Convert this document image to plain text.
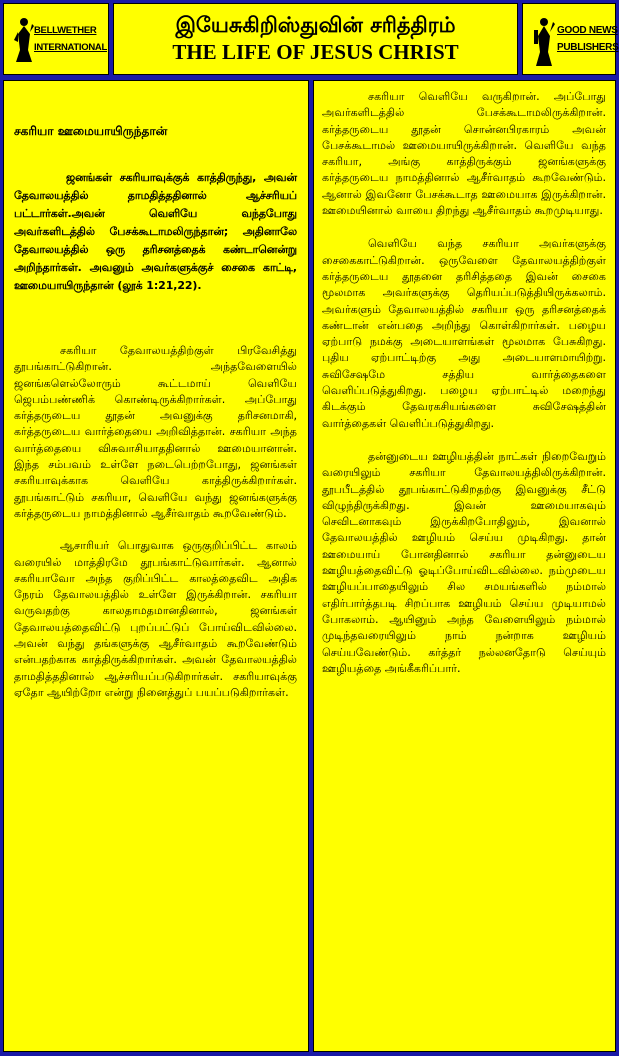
BELLWETHER
INTERNATIONAL
இயேசுகிறிஸ்துவின் சரித்திரம்
THE LIFE OF JESUS CHRIST
GOOD NEWS
PUBLISHERS
சகரியா ஊமையாயிருந்தான்
ஜனங்கள் சகரியாவுக்குக் காத்திருந்து, அவன் தேவாலயத்தில் தாமதித்ததினால் ஆச்சரியப் பட்டார்கள்.அவன் வெளியே வந்தபோது அவர்களிடத்தில் பேசக்கூடாமலிருந்தான்; அதினாலே தேவாலயத்தில் ஒரு தரிசனத்தைக் கண்டானென்று அறிந்தார்கள். அவனும் அவர்களுக்குச் சைகை காட்டி, ஊமையாயிருந்தான் (லூக் 1:21,22).

சகரியா தேவாலயத்திற்குள் பிரவேசித்து தூபங்காட்டுகிறான். அந்தவேளையில் ஜனங்களெல்லோரும் கூட்டமாய் வெளியே ஜெபம்பண்ணிக் கொண்டிருக்கிறார்கள். அப்போது கர்த்தருடைய தூதன் அவனுக்கு தரிசனமாகி, கர்த்தருடைய வார்த்தையை அறிவித்தான். சகரியா அந்த வார்த்தையை விசுவாசியாததினால் ஊமையானான். இந்த சம்பவம் உள்ளே நடைபெற்றபோது, ஜனங்கள் சகரியாவுக்காக வெளியே காத்திருக்கிறார்கள். தூபங்காட்டும் சகரியா, வெளியே வந்து ஜனங்களுக்கு கர்த்தருடைய நாமத்தினால் ஆசீர்வாதம் கூறவேண்டும்.

ஆசாரியர் பொதுவாக ஒருகுறிப்பிட்ட காலம் வரையில் மாத்திரமே தூபங்காட்டுவார்கள். ஆனால் சகரியாவோ அந்த குறிப்பிட்ட காலத்தைவிட அதிக நேரம் தேவாலயத்தில் உள்ளே இருக்கிறான். சகரியா வருவதற்கு காலதாமதமானதினால், ஜனங்கள் தேவாலயத்தைவிட்டு புறப்பட்டுப் போய்விடவில்லை. அவன் வந்து தங்களுக்கு ஆசீர்வாதம் கூறவேண்டும் என்பதற்காக காத்திருக்கிறார்கள். அவன் தேவாலயத்தில் தாமதித்ததினால் ஆச்சரியப்படுகிறார்கள். சகரியாவுக்கு ஏதோ ஆயிற்றோ என்று நினைத்துப் பயப்படுகிறார்கள்.

சகரியா வெளியே வருகிறான். அப்போது அவர்களிடத்தில் பேசக்கூடாமலிருக்கிறான். கர்த்தருடைய தூதன் சொன்னபிரகாரம் அவன் பேசக்கூடாமல் ஊமையாயிருக்கிறான். வெளியே வந்த சகரியா, அங்கு காத்திருக்கும் ஜனங்களுக்கு கர்த்தருடைய நாமத்தினால் ஆசீர்வாதம் கூறவேண்டும். ஆனால் இவனோ பேசக்கூடாத ஊமையாக இருக்கிறான். ஊமையினால் வாயை திறந்து ஆசீர்வாதம் கூறமுடியாது.

வெளியே வந்த சகரியா அவர்களுக்கு சைகைகாட்டுகிறான். ஒருவேளை தேவாலயத்திற்குள் கர்த்தருடைய தூதனை தரிசித்ததை இவன் சைகை மூலமாக அவர்களுக்கு தெரியப்படுத்தியிருக்கலாம். அவர்களும் தேவாலயத்தில் சகரியா ஒரு தரிசனத்தைக் கண்டான் என்பதை அறிந்து கொள்கிறார்கள். பழைய ஏற்பாடு நமக்கு அடையாளங்கள் மூலமாக பேசுகிறது. புதிய ஏற்பாட்டிற்கு அது அடையாளமாயிற்று. சுவிசேஷமே சத்திய வார்த்தைகளை வெளிப்படுத்துகிறது. பழைய ஏற்பாட்டில் மறைந்து கிடக்கும் தேவரகசியங்களை சுவிசேஷத்தின் வார்த்தைகள் வெளிப்படுத்துகிறது.

தன்னுடைய ஊழியத்தின் நாட்கள் நிறைவேறும் வரையிலும் சகரியா தேவாலயத்திலிருக்கிறான். தூபபீடத்தில் தூபங்காட்டுகிறதற்கு இவனுக்கு சீட்டு விழுந்திருக்கிறது. இவன் ஊமையாகவும் செவிடனாகவும் இருக்கிறபோதிலும், இவனால் தேவாலயத்தில் ஊழியம் செய்ய முடிகிறது. தான் ஊமையாய் போனதினால் சகரியா தன்னுடைய ஊழியத்தைவிட்டு ஓடிப்போய்விடவில்லை. நம்முடைய ஊழியப்பாதையிலும் சில சமயங்களில் நம்மால் எதிர்பார்த்தபடி சிறப்பாக ஊழியம் செய்ய முடியாமல் போகலாம். ஆயினும் அந்த வேளையிலும் நம்மால் முடிந்தவரையிலும் நாம் நன்றாக ஊழியம் செய்யவேண்டும். கர்த்தர் நல்லனதோடு செய்யும் ஊழியத்தை அங்கீகரிப்பார்.
